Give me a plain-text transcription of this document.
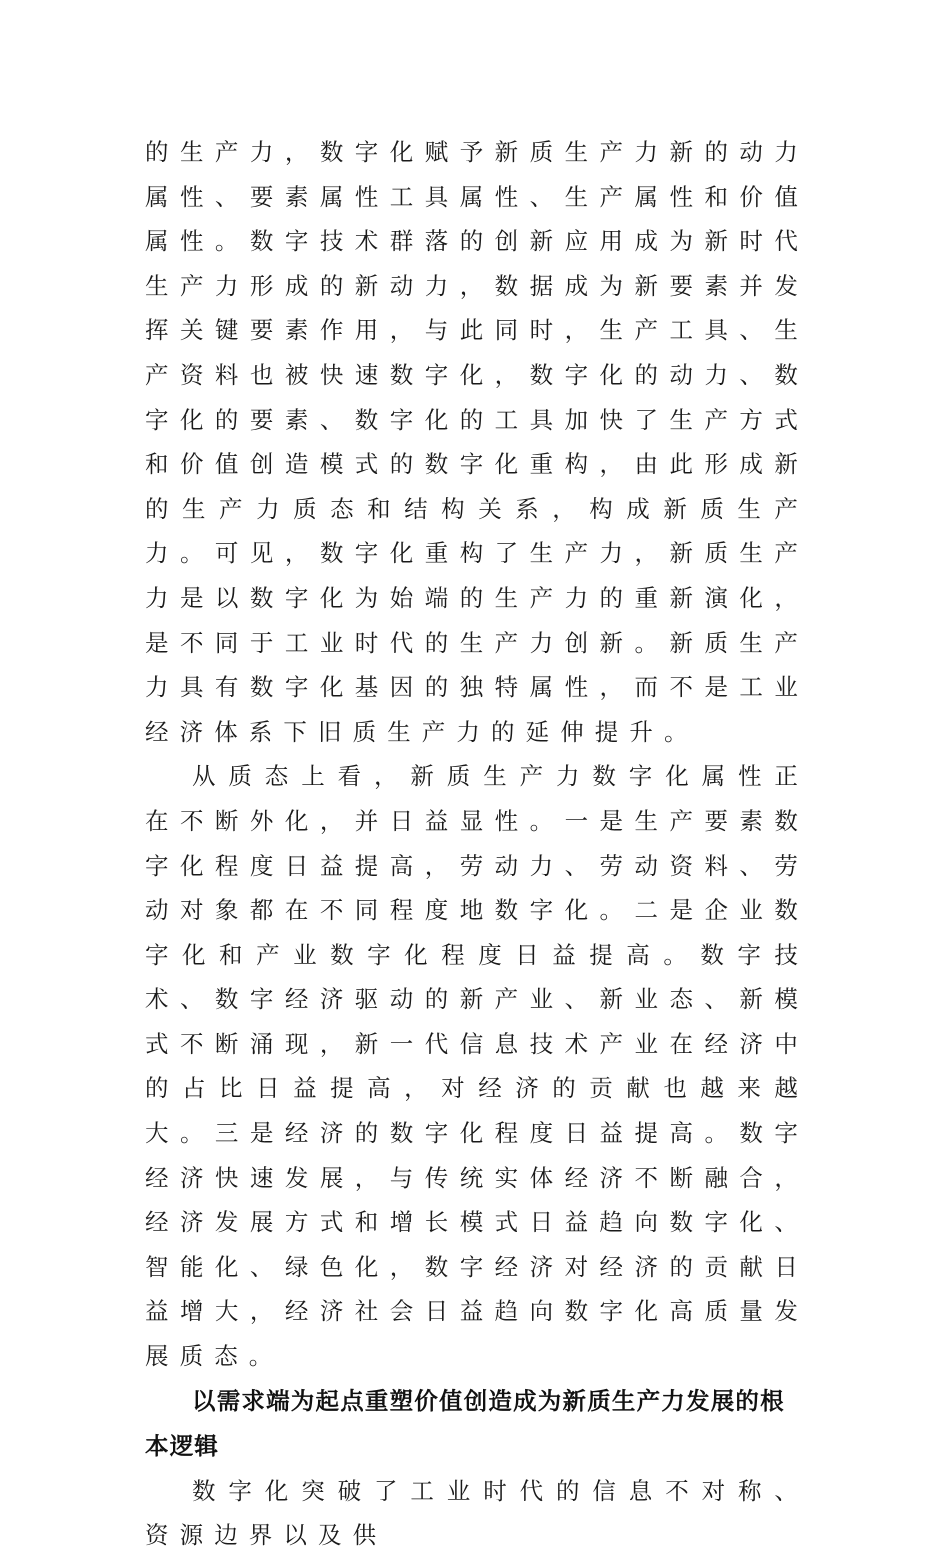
的生产力，数字化赋予新质生产力新的动力属性、要素属性工具属性、生产属性和价值属性。数字技术群落的创新应用成为新时代生产力形成的新动力，数据成为新要素并发挥关键要素作用，与此同时，生产工具、生产资料也被快速数字化，数字化的动力、数字化的要素、数字化的工具加快了生产方式和价值创造模式的数字化重构，由此形成新的生产力质态和结构关系，构成新质生产力。可见，数字化重构了生产力，新质生产力是以数字化为始端的生产力的重新演化，是不同于工业时代的生产力创新。新质生产力具有数字化基因的独特属性，而不是工业经济体系下旧质生产力的延伸提升。

从质态上看，新质生产力数字化属性正在不断外化，并日益显性。一是生产要素数字化程度日益提高，劳动力、劳动资料、劳动对象都在不同程度地数字化。二是企业数字化和产业数字化程度日益提高。数字技术、数字经济驱动的新产业、新业态、新模式不断涌现，新一代信息技术产业在经济中的占比日益提高，对经济的贡献也越来越大。三是经济的数字化程度日益提高。数字经济快速发展，与传统实体经济不断融合，经济发展方式和增长模式日益趋向数字化、智能化、绿色化，数字经济对经济的贡献日益增大，经济社会日益趋向数字化高质量发展质态。

以需求端为起点重塑价值创造成为新质生产力发展的根本逻辑

数字化突破了工业时代的信息不对称、资源边界以及供
